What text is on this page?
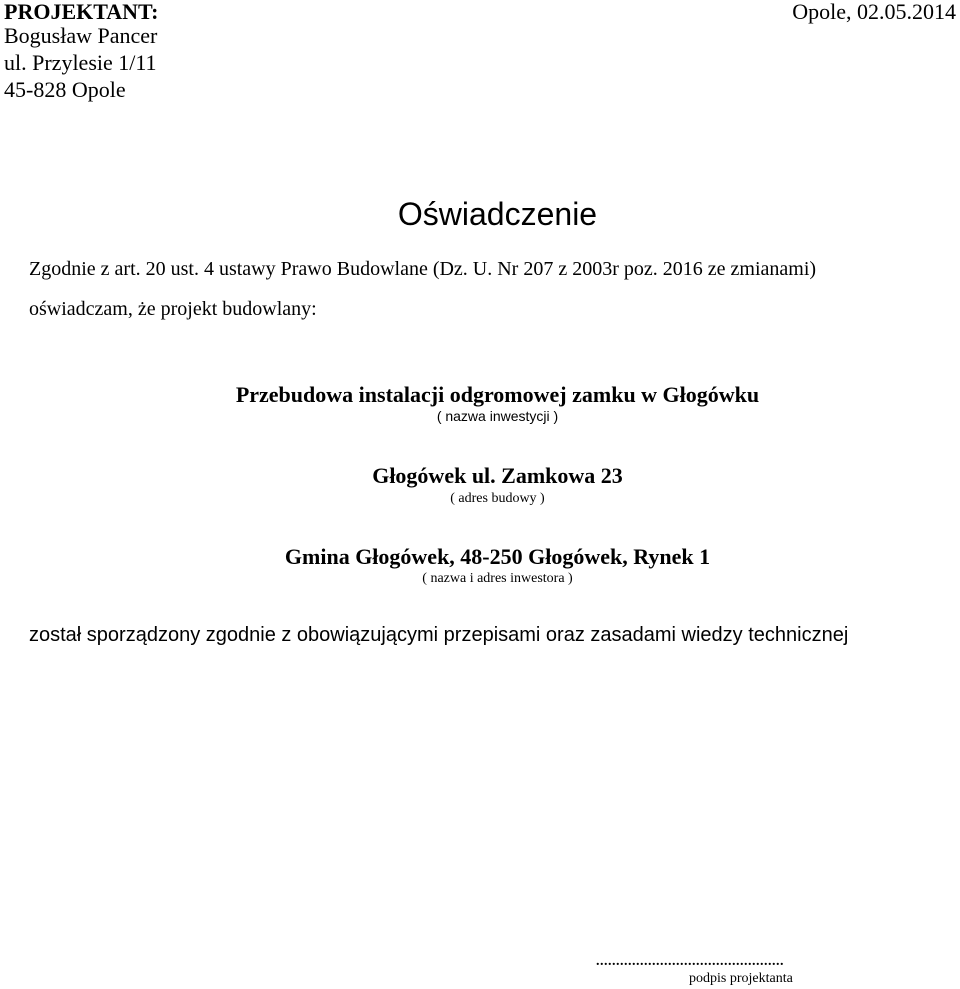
PROJEKTANT:
Bogusław Pancer
ul. Przylesie 1/11
45-828 Opole
Opole, 02.05.2014
Oświadczenie
Zgodnie z art. 20 ust. 4 ustawy Prawo Budowlane (Dz. U. Nr 207 z 2003r poz. 2016 ze zmianami)
oświadczam, że projekt budowlany:
Przebudowa instalacji odgromowej zamku w Głogówku
( nazwa inwestycji )
Głogówek ul. Zamkowa 23
( adres budowy )
Gmina Głogówek, 48-250 Głogówek, Rynek 1
( nazwa i adres inwestora )
został sporządzony zgodnie z obowiązującymi przepisami oraz zasadami wiedzy technicznej
...............................................
podpis projektanta
